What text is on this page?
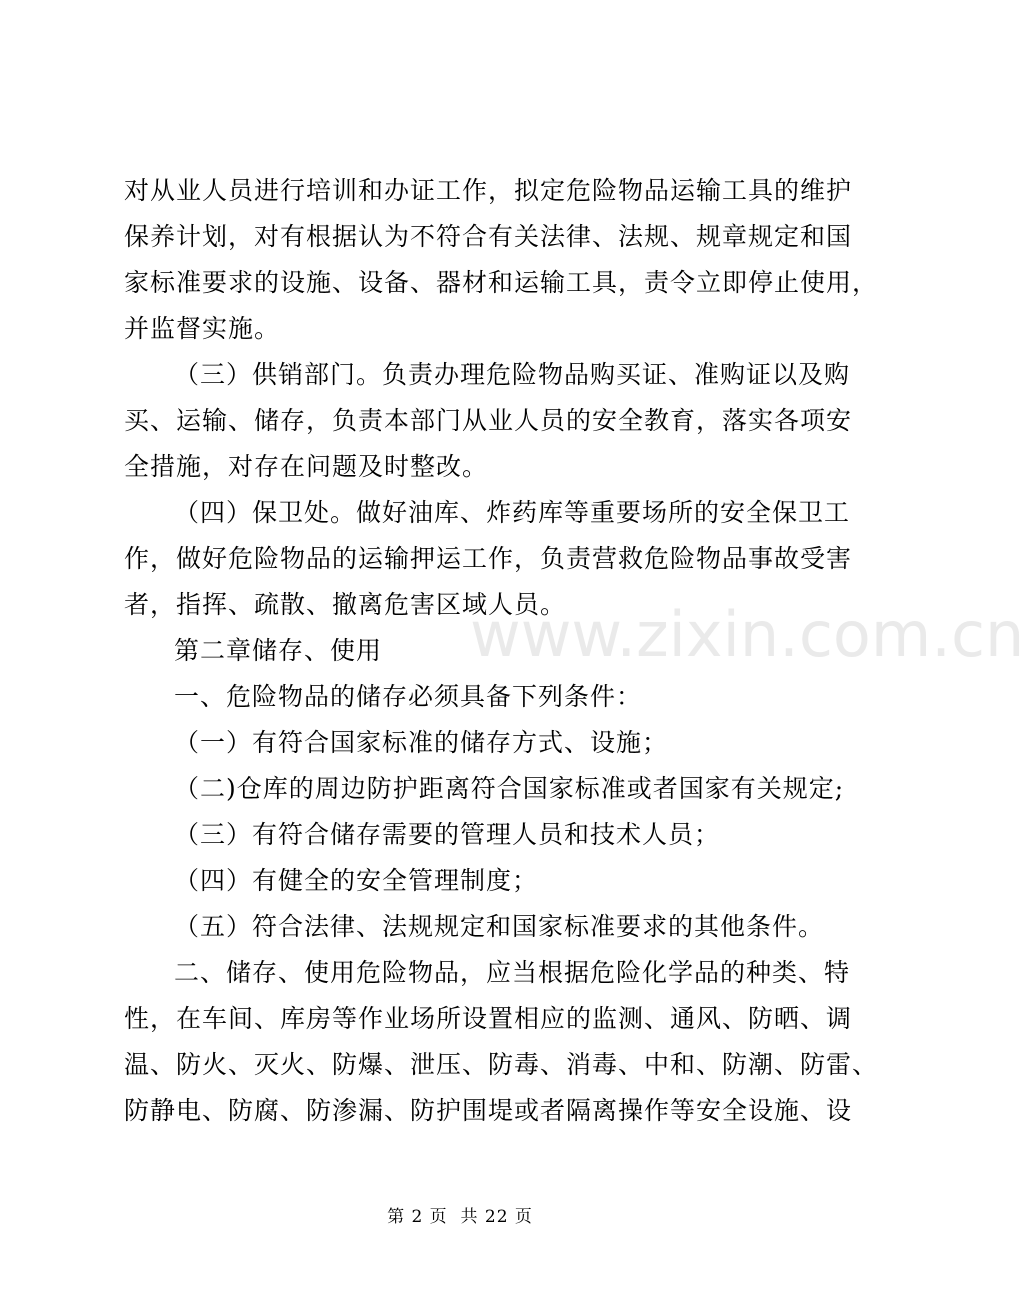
对从业人员进行培训和办证工作，拟定危险物品运输工具的维护
保养计划，对有根据认为不符合有关法律、法规、规章规定和国
家标准要求的设施、设备、器材和运输工具，责令立即停止使用，
并监督实施。
（三）供销部门。负责办理危险物品购买证、准购证以及购
买、运输、储存，负责本部门从业人员的安全教育，落实各项安
全措施，对存在问题及时整改。
（四）保卫处。做好油库、炸药库等重要场所的安全保卫工
作，做好危险物品的运输押运工作，负责营救危险物品事故受害
者，指挥、疏散、撤离危害区域人员。
第二章储存、使用
一、危险物品的储存必须具备下列条件：
（一）有符合国家标准的储存方式、设施；
（二)仓库的周边防护距离符合国家标准或者国家有关规定;
（三）有符合储存需要的管理人员和技术人员；
（四）有健全的安全管理制度；
（五）符合法律、法规规定和国家标准要求的其他条件。
二、储存、使用危险物品，应当根据危险化学品的种类、特
性，在车间、库房等作业场所设置相应的监测、通风、防晒、调
温、防火、灭火、防爆、泄压、防毒、消毒、中和、防潮、防雷、
防静电、防腐、防渗漏、防护围堤或者隔离操作等安全设施、设
www.zixin.com.cn
第 2 页  共 22 页
